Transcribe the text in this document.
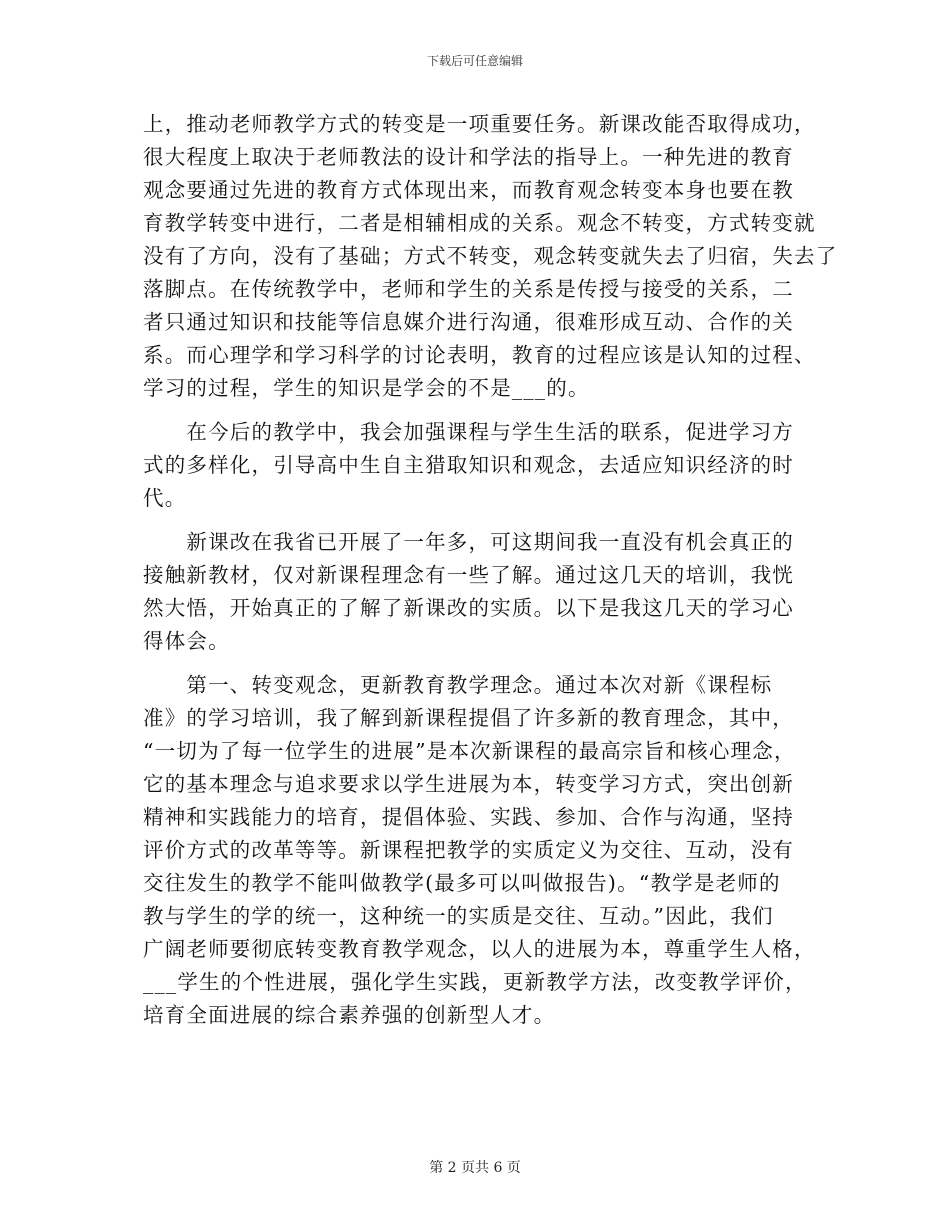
下载后可任意编辑
上，推动老师教学方式的转变是一项重要任务。新课改能否取得成功，
很大程度上取决于老师教法的设计和学法的指导上。一种先进的教育
观念要通过先进的教育方式体现出来，而教育观念转变本身也要在教
育教学转变中进行，二者是相辅相成的关系。观念不转变，方式转变就
没有了方向，没有了基础；方式不转变，观念转变就失去了归宿，失去了
落脚点。在传统教学中，老师和学生的关系是传授与接受的关系，二
者只通过知识和技能等信息媒介进行沟通，很难形成互动、合作的关
系。而心理学和学习科学的讨论表明，教育的过程应该是认知的过程、
学习的过程，学生的知识是学会的不是___的。
　　在今后的教学中，我会加强课程与学生生活的联系，促进学习方
式的多样化，引导高中生自主猎取知识和观念，去适应知识经济的时
代。
　　新课改在我省已开展了一年多，可这期间我一直没有机会真正的
接触新教材，仅对新课程理念有一些了解。通过这几天的培训，我恍
然大悟，开始真正的了解了新课改的实质。以下是我这几天的学习心
得体会。
　　第一、转变观念，更新教育教学理念。通过本次对新《课程标
准》的学习培训，我了解到新课程提倡了许多新的教育理念，其中，
“一切为了每一位学生的进展”是本次新课程的最高宗旨和核心理念，
它的基本理念与追求要求以学生进展为本，转变学习方式，突出创新
精神和实践能力的培育，提倡体验、实践、参加、合作与沟通，坚持
评价方式的改革等等。新课程把教学的实质定义为交往、互动，没有
交往发生的教学不能叫做教学(最多可以叫做报告)。“教学是老师的
教与学生的学的统一，这种统一的实质是交往、互动。”因此，我们
广阔老师要彻底转变教育教学观念，以人的进展为本，尊重学生人格，
___学生的个性进展，强化学生实践，更新教学方法，改变教学评价，
培育全面进展的综合素养强的创新型人才。
第 2 页共 6 页
